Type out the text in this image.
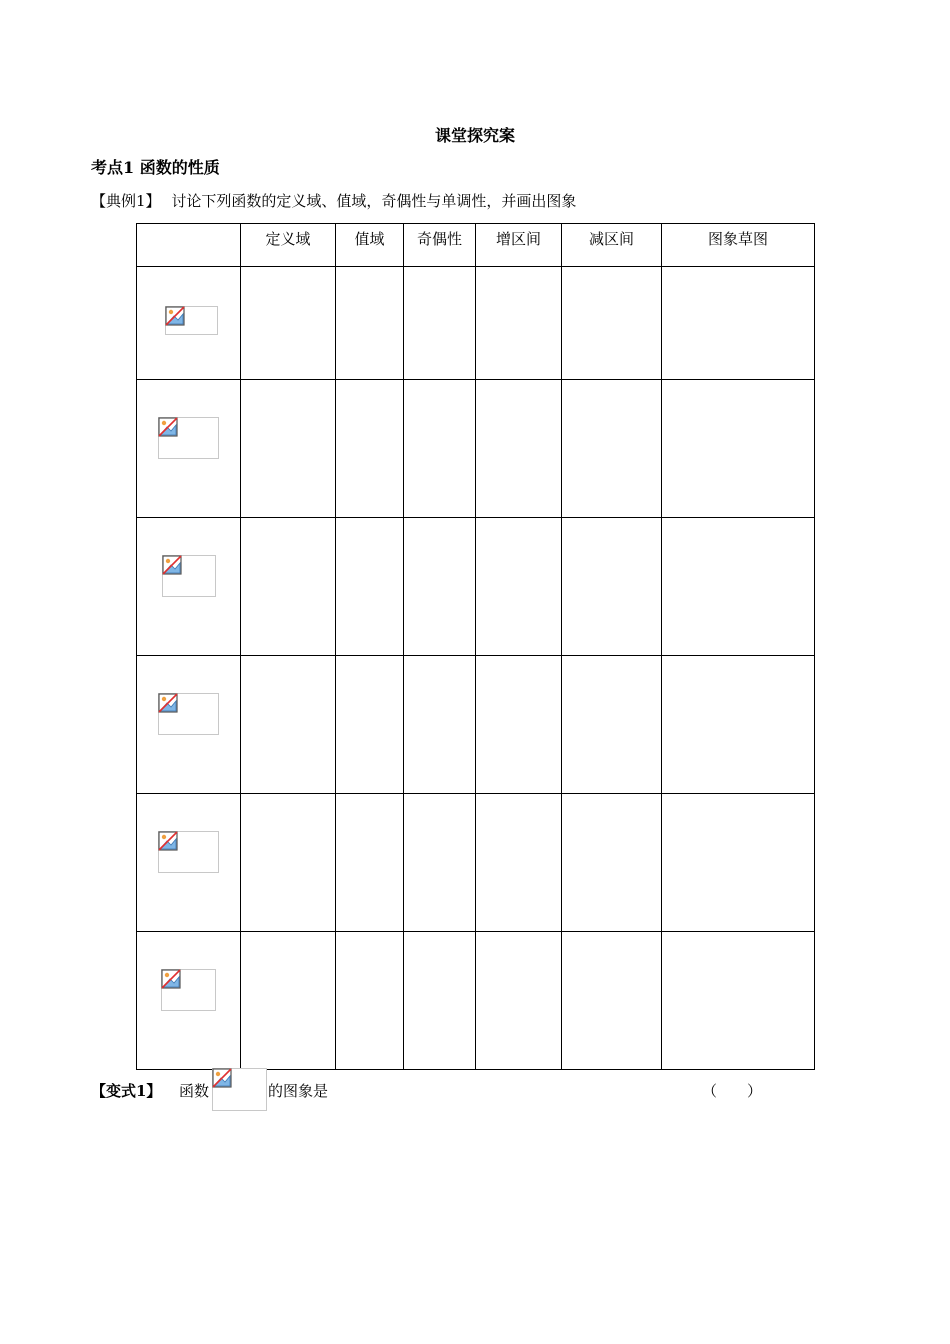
课堂探究案
考点1 函数的性质
【典例1】 讨论下列函数的定义域、值域，奇偶性与单调性，并画出图象
	定义域	值域	奇偶性	增区间	减区间	图象草图

【变式1】 函数	的图象是	（　　）
